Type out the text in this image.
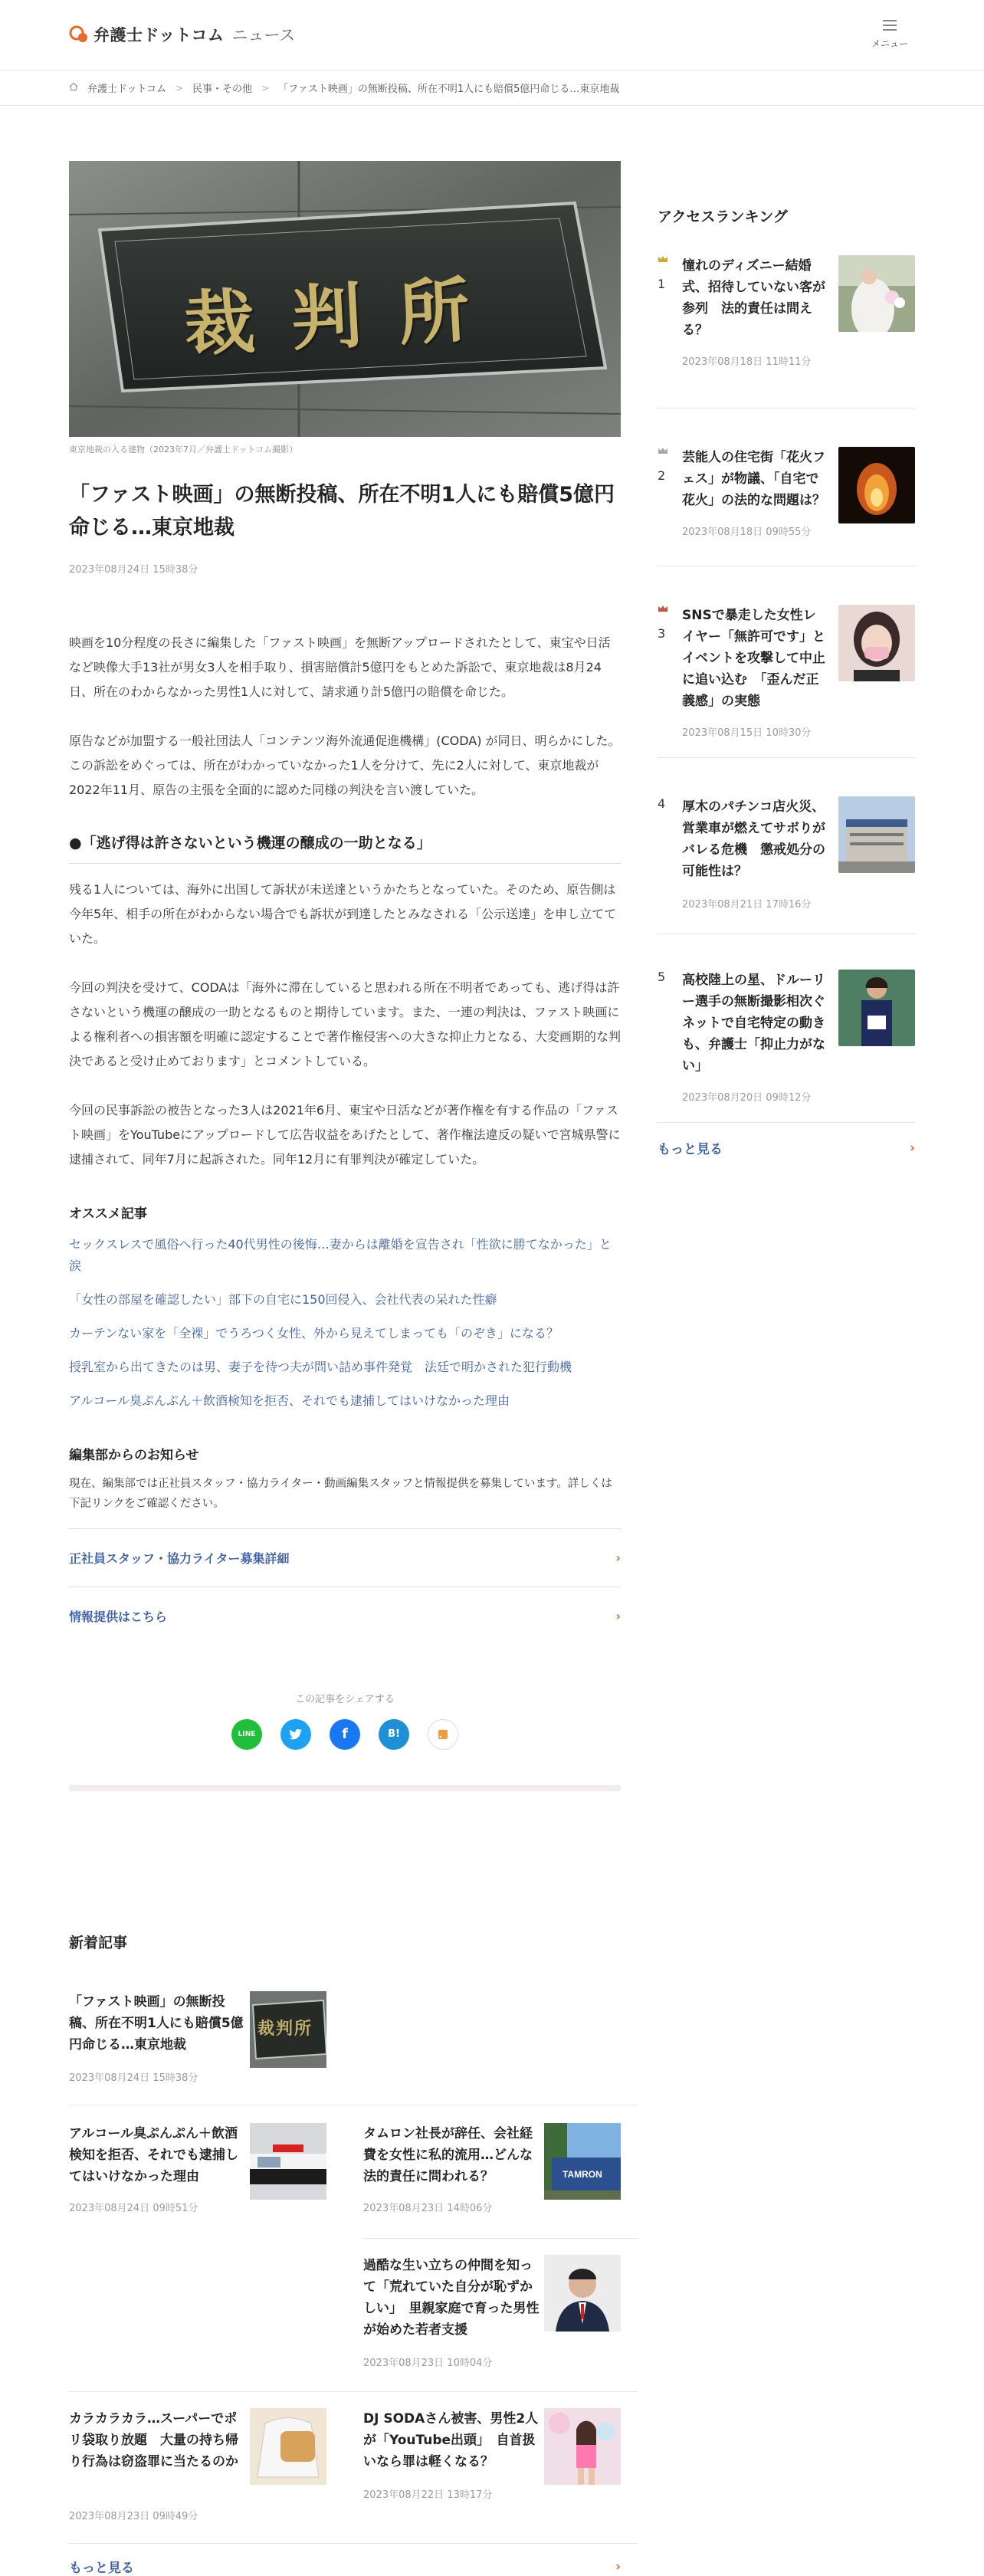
弁護士ドットコム ニュース	メニュー
弁護士ドットコム > 民事・その他 > 「ファスト映画」の無断投稿、所在不明1人にも賠償5億円命じる…東京地裁
裁判所
東京地裁の入る建物（2023年7月／弁護士ドットコム撮影）
「ファスト映画」の無断投稿、所在不明1人にも賠償5億円命じる…東京地裁
2023年08月24日 15時38分

映画を10分程度の長さに編集した「ファスト映画」を無断アップロードされたとして、東宝や日活など映像大手13社が男女3人を相手取り、損害賠償計5億円をもとめた訴訟で、東京地裁は8月24日、所在のわからなかった男性1人に対して、請求通り計5億円の賠償を命じた。

原告などが加盟する一般社団法人「コンテンツ海外流通促進機構」(CODA) が同日、明らかにした。この訴訟をめぐっては、所在がわかっていなかった1人を分けて、先に2人に対して、東京地裁が2022年11月、原告の主張を全面的に認めた同様の判決を言い渡していた。

●「逃げ得は許さないという機運の醸成の一助となる」

残る1人については、海外に出国して訴状が未送達というかたちとなっていた。そのため、原告側は今年5年、相手の所在がわからない場合でも訴状が到達したとみなされる「公示送達」を申し立てていた。

今回の判決を受けて、CODAは「海外に滞在していると思われる所在不明者であっても、逃げ得は許さないという機運の醸成の一助となるものと期待しています。また、一連の判決は、ファスト映画による権利者への損害額を明確に認定することで著作権侵害への大きな抑止力となる、大変画期的な判決であると受け止めております」とコメントしている。

今回の民事訴訟の被告となった3人は2021年6月、東宝や日活などが著作権を有する作品の「ファスト映画」をYouTubeにアップロードして広告収益をあげたとして、著作権法違反の疑いで宮城県警に逮捕されて、同年7月に起訴された。同年12月に有罪判決が確定していた。

オススメ記事
セックスレスで風俗へ行った40代男性の後悔…妻からは離婚を宣告され「性欲に勝てなかった」と涙
「女性の部屋を確認したい」部下の自宅に150回侵入、会社代表の呆れた性癖
カーテンない家を「全裸」でうろつく女性、外から見えてしまっても「のぞき」になる？
授乳室から出てきたのは男、妻子を待つ夫が問い詰め事件発覚　法廷で明かされた犯行動機
アルコール臭ぷんぷん＋飲酒検知を拒否、それでも逮捕してはいけなかった理由
編集部からのお知らせ
現在、編集部では正社員スタッフ・協力ライター・動画編集スタッフと情報提供を募集しています。詳しくは下記リンクをご確認ください。
正社員スタッフ・協力ライター募集詳細	›
情報提供はこちら	›
この記事をシェアする
LINE	f	B!
アクセスランキング
1
憧れのディズニー結婚式、招待していない客が参列　法的責任は問える？
2023年08月18日 11時11分
2
芸能人の住宅街「花火フェス」が物議、「自宅で花火」の法的な問題は？
2023年08月18日 09時55分
3
SNSで暴走した女性レイヤー「無許可です」とイベントを攻撃して中止に追い込む　「歪んだ正義感」の実態
2023年08月15日 10時30分
4 厚木のパチンコ店火災、営業車が燃えてサボりがバレる危機　懲戒処分の可能性は？
2023年08月21日 17時16分
5 高校陸上の星、ドルーリー選手の無断撮影相次ぐ　ネットで自宅特定の動きも、弁護士「抑止力がない」
2023年08月20日 09時12分
もっと見る	›
新着記事
「ファスト映画」の無断投稿、所在不明1人にも賠償5億円命じる…東京地裁
2023年08月24日 15時38分
裁判所
アルコール臭ぷんぷん＋飲酒検知を拒否、それでも逮捕してはいけなかった理由
2023年08月24日 09時51分
タムロン社長が辞任、会社経費を女性に私的流用…どんな法的責任に問われる？
2023年08月23日 14時06分
TAMRON
過酷な生い立ちの仲間を知って「荒れていた自分が恥ずかしい」　里親家庭で育った男性が始めた若者支援
2023年08月23日 10時04分
カラカラカラ…スーパーでポリ袋取り放題　大量の持ち帰り行為は窃盗罪に当たるのか
2023年08月23日 09時49分
DJ SODAさん被害、男性2人が「YouTube出頭」　自首扱いなら罪は軽くなる？
2023年08月22日 13時17分
もっと見る	›
